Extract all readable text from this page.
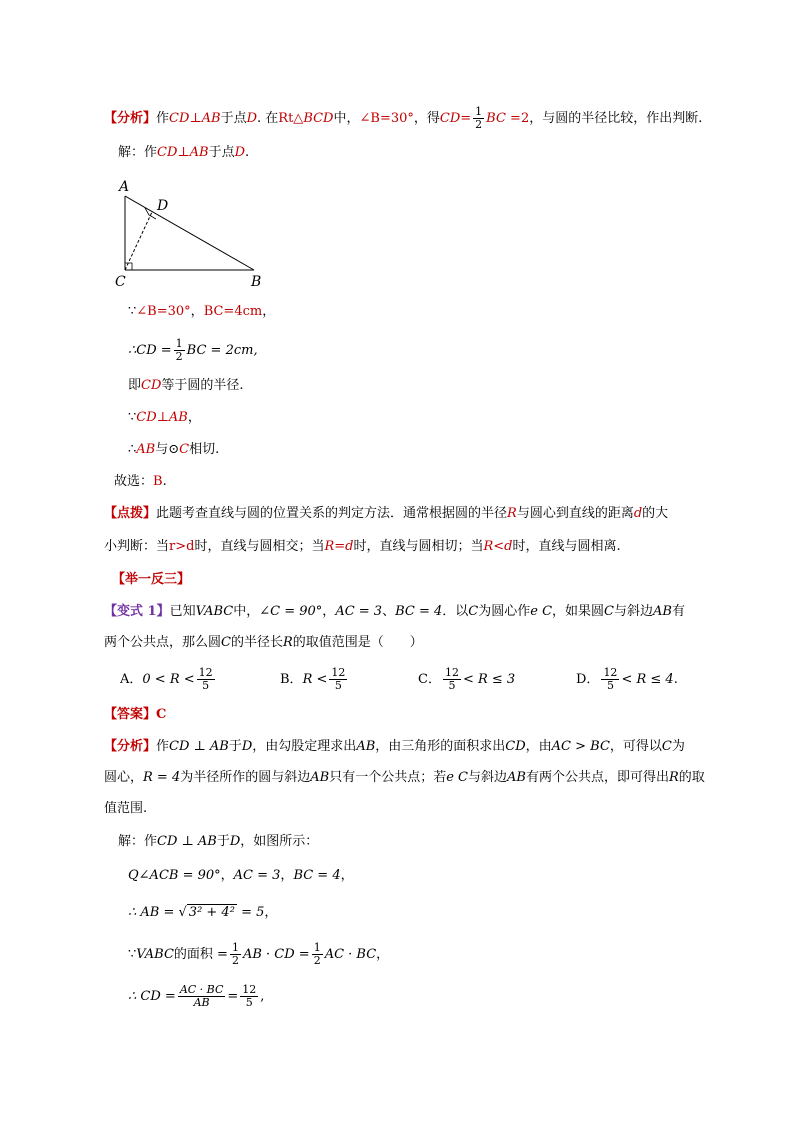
【分析】作CD⊥AB于点D. 在Rt△BCD中，∠B=30°，得$CD= \frac{1}{2}$ BC =2，与圆的半径比较，作出判断.
解：作CD⊥AB于点D.
A
D
C	B
∵∠B=30°，BC=4cm，
∴CD = $\frac{1}{2}$ BC = 2cm,
即CD等于圆的半径.
∵CD⊥AB，
∴AB与⊙C相切.
故选：B.
【点拨】此题考查直线与圆的位置关系的判定方法．通常根据圆的半径R与圆心到直线的距离d的大
小判断：当r>d时，直线与圆相交；当R=d时，直线与圆相切；当R<d时，直线与圆相离.
【举一反三】
【变式 1】已知VABC中，∠C = 90°，AC = 3、BC = 4．以C为圆心作e C，如果圆C与斜边AB有
两个公共点，那么圆C的半径长R的取值范围是（　　）
A．$0 < R < \frac{12}{5}$	B．$R < \frac{12}{5}$	C． $\frac{12}{5} < R \le 3$	D． $\frac{12}{5} < R \le 4$.
【答案】C
【分析】作CD ⊥ AB于D，由勾股定理求出AB，由三角形的面积求出CD，由AC > BC，可得以C为
圆心，R = 4为半径所作的圆与斜边AB只有一个公共点；若e C与斜边AB有两个公共点，即可得出R的取
值范围.
解：作CD ⊥ AB于D，如图所示：
Q∠ACB = 90°，AC = 3，BC = 4，
∴ AB = √ 3² + 4² = 5，
∵VABC的面积 = $\frac{1}{2}$ AB · CD = $\frac{1}{2}$ AC · BC，
∴ CD = $\frac{AC \cdot BC}{AB} = \frac{12}{5}$ ,
